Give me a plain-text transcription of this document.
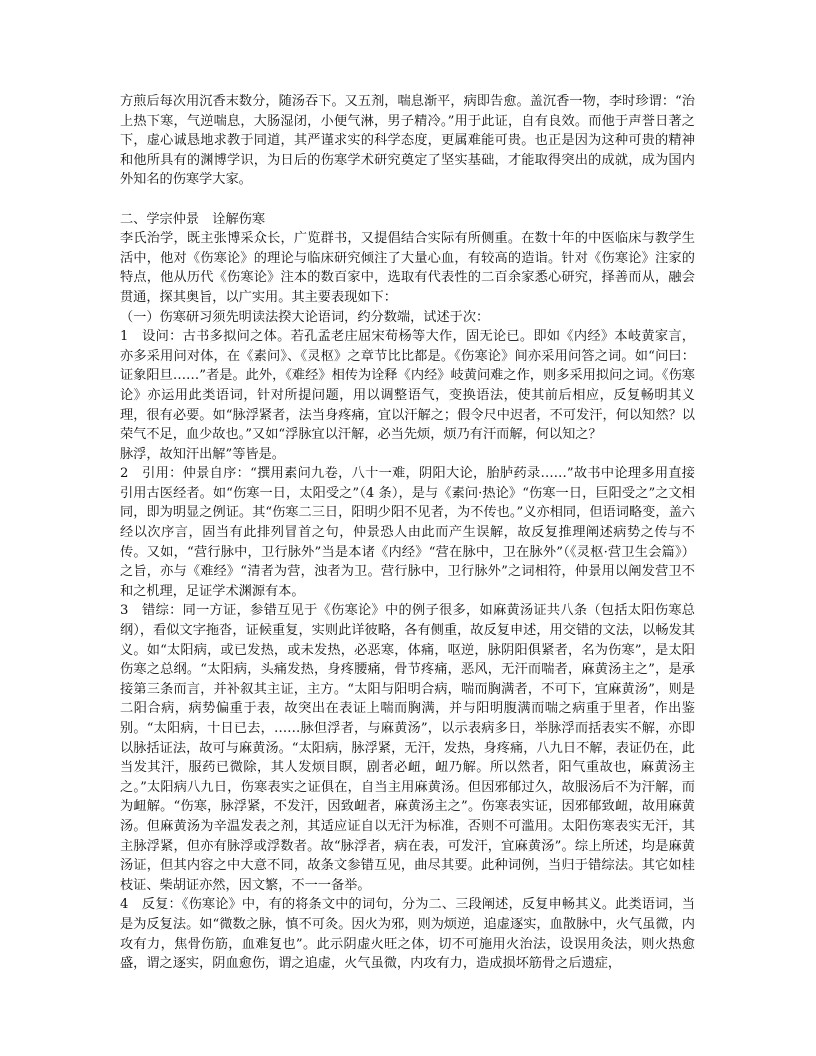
方煎后每次用沉香末数分，随汤吞下。又五剂，喘息渐平，病即告愈。盖沉香一物，李时珍谓：“治上热下寒，气逆喘息，大肠湿闭，小便气淋，男子精冷。”用于此证，自有良效。而他于声誉日著之下，虚心诚恳地求教于同道，其严谨求实的科学态度，更属难能可贵。也正是因为这种可贵的精神和他所具有的渊博学识，为日后的伤寒学术研究奠定了坚实基础，才能取得突出的成就，成为国内外知名的伤寒学大家。

二、学宗仲景　诠解伤寒

李氏治学，既主张博采众长，广览群书，又提倡结合实际有所侧重。在数十年的中医临床与教学生活中，他对《伤寒论》的理论与临床研究倾注了大量心血，有较高的造诣。针对《伤寒论》注家的特点，他从历代《伤寒论》注本的数百家中，选取有代表性的二百余家悉心研究，择善而从，融会贯通，探其奥旨，以广实用。其主要表现如下：

（一）伤寒研习须先明读法揆大论语词，约分数端，试述于次：

1　设问：古书多拟问之体。若孔孟老庄屈宋荀杨等大作，固无论已。即如《内经》本岐黄家言，亦多采用问对体，在《素问》、《灵枢》之章节比比都是。《伤寒论》间亦采用问答之词。如“问曰：证象阳旦……”者是。此外，《难经》相传为诠释《内经》岐黄问难之作，则多采用拟问之词。《伤寒论》亦运用此类语词，针对所提问题，用以调整语气，变换语法，使其前后相应，反复畅明其义理，很有必要。如“脉浮紧者，法当身疼痛，宜以汗解之；假令尺中迟者，不可发汗，何以知然？以荣气不足，血少故也。”又如“浮脉宜以汗解，必当先烦，烦乃有汗而解，何以知之？

脉浮，故知汗出解”等皆是。

2　引用：仲景自序：“撰用素问九卷，八十一难，阴阳大论，胎胪药录……”故书中论理多用直接引用古医经者。如“伤寒一日，太阳受之”（4 条），是与《素问·热论》“伤寒一日，巨阳受之”之文相同，即为明显之例证。其“伤寒二三日，阳明少阳不见者，为不传也。”义亦相同，但语词略变，盖六经以次序言，固当有此排列冒首之句，仲景恐人由此而产生误解，故反复推理阐述病势之传与不传。又如，“营行脉中，卫行脉外”当是本诸《内经》“营在脉中，卫在脉外”（《灵枢·营卫生会篇》）之旨，亦与《难经》“清者为营，浊者为卫。营行脉中，卫行脉外”之词相符，仲景用以阐发营卫不和之机理，足证学术渊源有本。

3　错综：同一方证，参错互见于《伤寒论》中的例子很多，如麻黄汤证共八条（包括太阳伤寒总纲），看似文字拖沓，证候重复，实则此详彼略，各有侧重，故反复申述，用交错的文法，以畅发其义。如“太阳病，或已发热，或未发热，必恶寒，体痛，呕逆，脉阴阳俱紧者，名为伤寒”，是太阳伤寒之总纲。“太阳病，头痛发热，身疼腰痛，骨节疼痛，恶风，无汗而喘者，麻黄汤主之”，是承接第三条而言，并补叙其主证，主方。“太阳与阳明合病，喘而胸满者，不可下，宜麻黄汤”，则是二阳合病，病势偏重于表，故突出在表证上喘而胸满，并与阳明腹满而喘之病重于里者，作出鉴别。“太阳病，十日已去，……脉但浮者，与麻黄汤”，以示表病多日，举脉浮而括表实不解，亦即以脉括证法，故可与麻黄汤。“太阳病，脉浮紧，无汗，发热，身疼痛，八九日不解，表证仍在，此当发其汗，服药已微除，其人发烦目瞑，剧者必衄，衄乃解。所以然者，阳气重故也，麻黄汤主之。”太阳病八九日，伤寒表实之证俱在，自当主用麻黄汤。但因邪郁过久，故服汤后不为汗解，而为衄解。“伤寒，脉浮紧，不发汗，因致衄者，麻黄汤主之”。伤寒表实证，因邪郁致衄，故用麻黄汤。但麻黄汤为辛温发表之剂，其适应证自以无汗为标准，否则不可滥用。太阳伤寒表实无汗，其主脉浮紧，但亦有脉浮或浮数者。故“脉浮者，病在表，可发汗，宜麻黄汤”。综上所述，均是麻黄汤证，但其内容之中大意不同，故条文参错互见，曲尽其要。此种词例，当归于错综法。其它如桂枝证、柴胡证亦然，因文繁，不一一备举。

4　反复：《伤寒论》中，有的将条文中的词句，分为二、三段阐述，反复申畅其义。此类语词，当是为反复法。如“微数之脉，慎不可灸。因火为邪，则为烦逆，追虚逐实，血散脉中，火气虽微，内攻有力，焦骨伤筋，血难复也”。此示阴虚火旺之体，切不可施用火治法，设误用灸法，则火热愈盛，谓之逐实，阴血愈伤，谓之追虚，火气虽微，内攻有力，造成损坏筋骨之后遗症，
